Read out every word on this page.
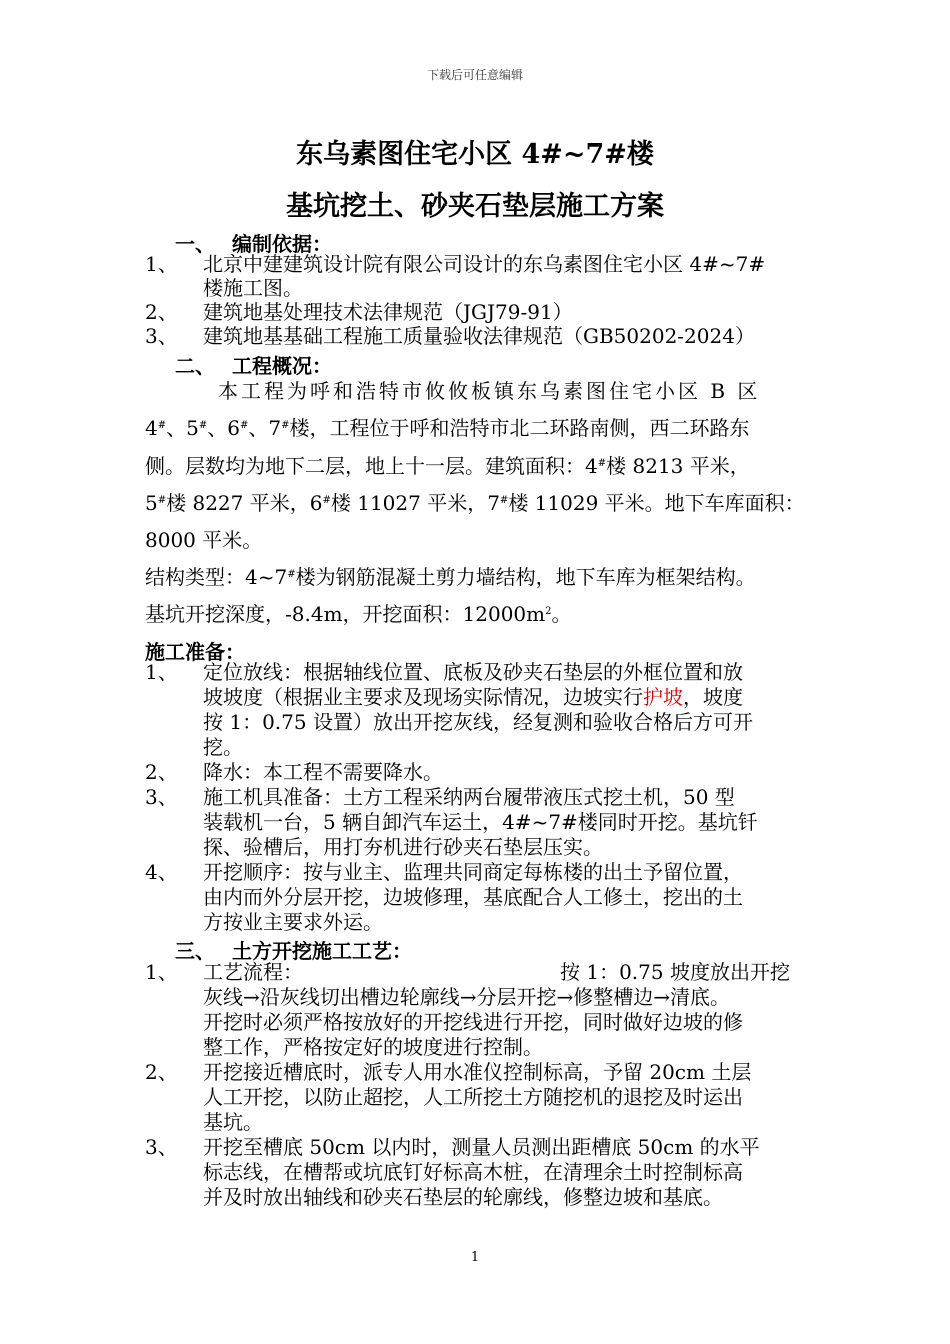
下载后可任意编辑
东乌素图住宅小区 4#~7#楼
基坑挖土、砂夹石垫层施工方案
一、 编制依据：
1、 北京中建建筑设计院有限公司设计的东乌素图住宅小区 4#~7#
楼施工图。
2、 建筑地基处理技术法律规范（JGJ79-91）
3、 建筑地基基础工程施工质量验收法律规范（GB50202-2024）
二、 工程概况：
本工程为呼和浩特市攸攸板镇东乌素图住宅小区 B 区
4#、5#、6#、7#楼，工程位于呼和浩特市北二环路南侧，西二环路东
侧。层数均为地下二层，地上十一层。建筑面积：4#楼 8213 平米，
5#楼 8227 平米，6#楼 11027 平米，7#楼 11029 平米。地下车库面积：
8000 平米。
结构类型：4~7#楼为钢筋混凝土剪力墙结构，地下车库为框架结构。
基坑开挖深度，-8.4m，开挖面积：$12000m^2$。
施工准备：
1、 定位放线：根据轴线位置、底板及砂夹石垫层的外框位置和放
坡坡度（根据业主要求及现场实际情况，边坡实行护坡，坡度
按 1：0.75 设置）放出开挖灰线，经复测和验收合格后方可开
挖。
2、 降水：本工程不需要降水。
3、 施工机具准备：土方工程采纳两台履带液压式挖土机，50 型
装载机一台，5 辆自卸汽车运土，4#~7#楼同时开挖。基坑钎
探、验槽后，用打夯机进行砂夹石垫层压实。
4、 开挖顺序：按与业主、监理共同商定每栋楼的出土予留位置，
由内而外分层开挖，边坡修理，基底配合人工修土，挖出的土
方按业主要求外运。
三、 土方开挖施工工艺：
1、 工艺流程：	按 1：0.75 坡度放出开挖
灰线→沿灰线切出槽边轮廓线→分层开挖→修整槽边→清底。
开挖时必须严格按放好的开挖线进行开挖，同时做好边坡的修
整工作，严格按定好的坡度进行控制。
2、 开挖接近槽底时，派专人用水准仪控制标高，予留 20cm 土层
人工开挖，以防止超挖，人工所挖土方随挖机的退挖及时运出
基坑。
3、 开挖至槽底 50cm 以内时，测量人员测出距槽底 50cm 的水平
标志线，在槽帮或坑底钉好标高木桩，在清理余土时控制标高
并及时放出轴线和砂夹石垫层的轮廓线，修整边坡和基底。
1
